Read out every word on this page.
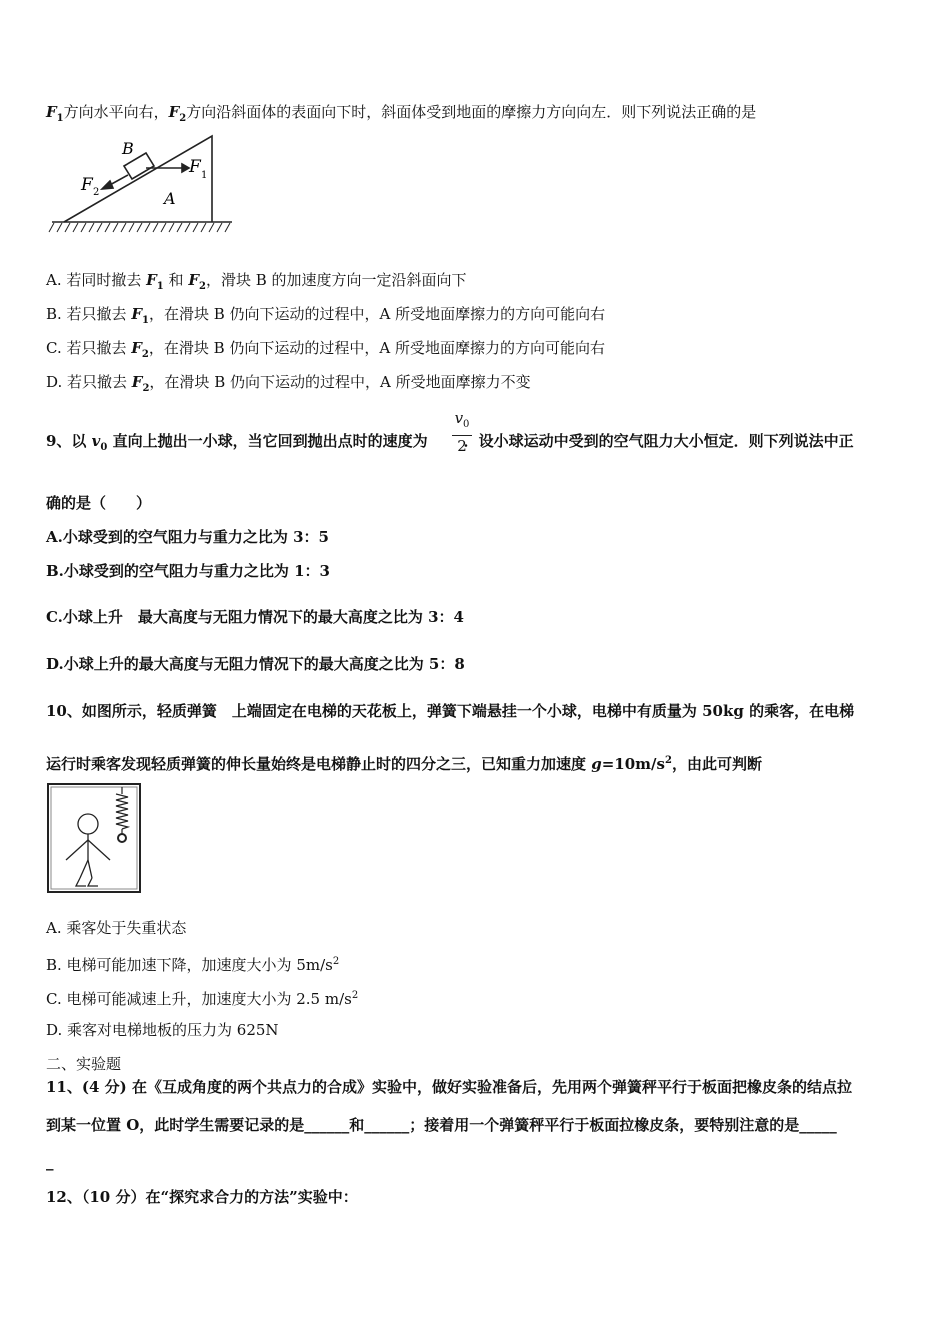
$F_1$方向水平向右，$F_2$方向沿斜面体的表面向下时，斜面体受到地面的摩擦力方向向左．则下列说法正确的是
B
A
F 1
F 2
A. 若同时撤去 $F_1$ 和 $F_2$，滑块 B 的加速度方向一定沿斜面向下
B. 若只撤去 $F_1$，在滑块 B 仍向下运动的过程中，A 所受地面摩擦力的方向可能向右
C. 若只撤去 $F_2$，在滑块 B 仍向下运动的过程中，A 所受地面摩擦力的方向可能向右
D. 若只撤去 $F_2$，在滑块 B 仍向下运动的过程中，A 所受地面摩擦力不变
9、以 $v_0$ 直向上抛出一小球，当它回到抛出点时的速度为 ．设小球运动中受到的空气阻力大小恒定．则下列说法中正
$\frac{v_0}{2}$
确的是（　　）
A.小球受到的空气阻力与重力之比为 3：5
B.小球受到的空气阻力与重力之比为 1：3
C.小球上升　最大高度与无阻力情况下的最大高度之比为 3：4
D.小球上升的最大高度与无阻力情况下的最大高度之比为 5：8
10、如图所示，轻质弹簧　上端固定在电梯的天花板上，弹簧下端悬挂一个小球，电梯中有质量为 50kg 的乘客，在电梯
运行时乘客发现轻质弹簧的伸长量始终是电梯静止时的四分之三，已知重力加速度 $g=10m/s^2$，由此可判断
A. 乘客处于失重状态
B. 电梯可能加速下降，加速度大小为 $5m/s^2$
C. 电梯可能减速上升，加速度大小为 2.5 $m/s^2$
D. 乘客对电梯地板的压力为 625N
二、实验题
11、(4 分) 在《互成角度的两个共点力的合成》实验中，做好实验准备后，先用两个弹簧秤平行于板面把橡皮条的结点拉
到某一位置 O，此时学生需要记录的是______和______；接着用一个弹簧秤平行于板面拉橡皮条，要特别注意的是_____
_
12、（10 分）在“探究求合力的方法”实验中：
